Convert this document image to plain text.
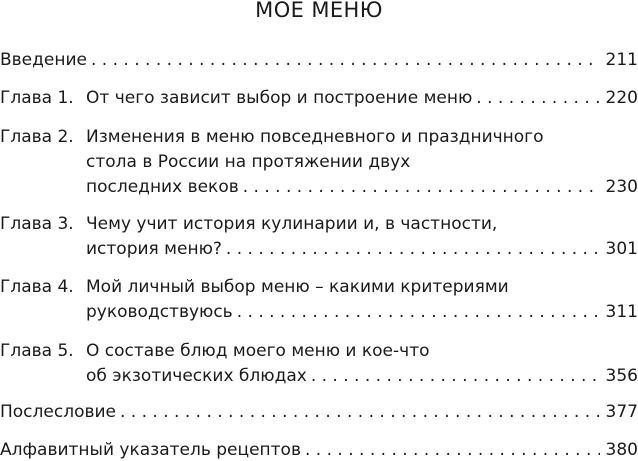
МОЕ МЕНЮ
Введение . . .	211
Глава 1. От чего зависит выбор и построение меню . . .	220
Глава 2. Изменения в меню повседневного и праздничного
стола в России на протяжении двух
последних веков . . .	230
Глава 3. Чему учит история кулинарии и, в частности,
история меню? . . .	301
Глава 4. Мой личный выбор меню – какими критериями
руководствуюсь . . .	311
Глава 5. О составе блюд моего меню и кое-что
об экзотических блюдах . . .	356
Послесловие . . .	377
Алфавитный указатель рецептов . . .	380
